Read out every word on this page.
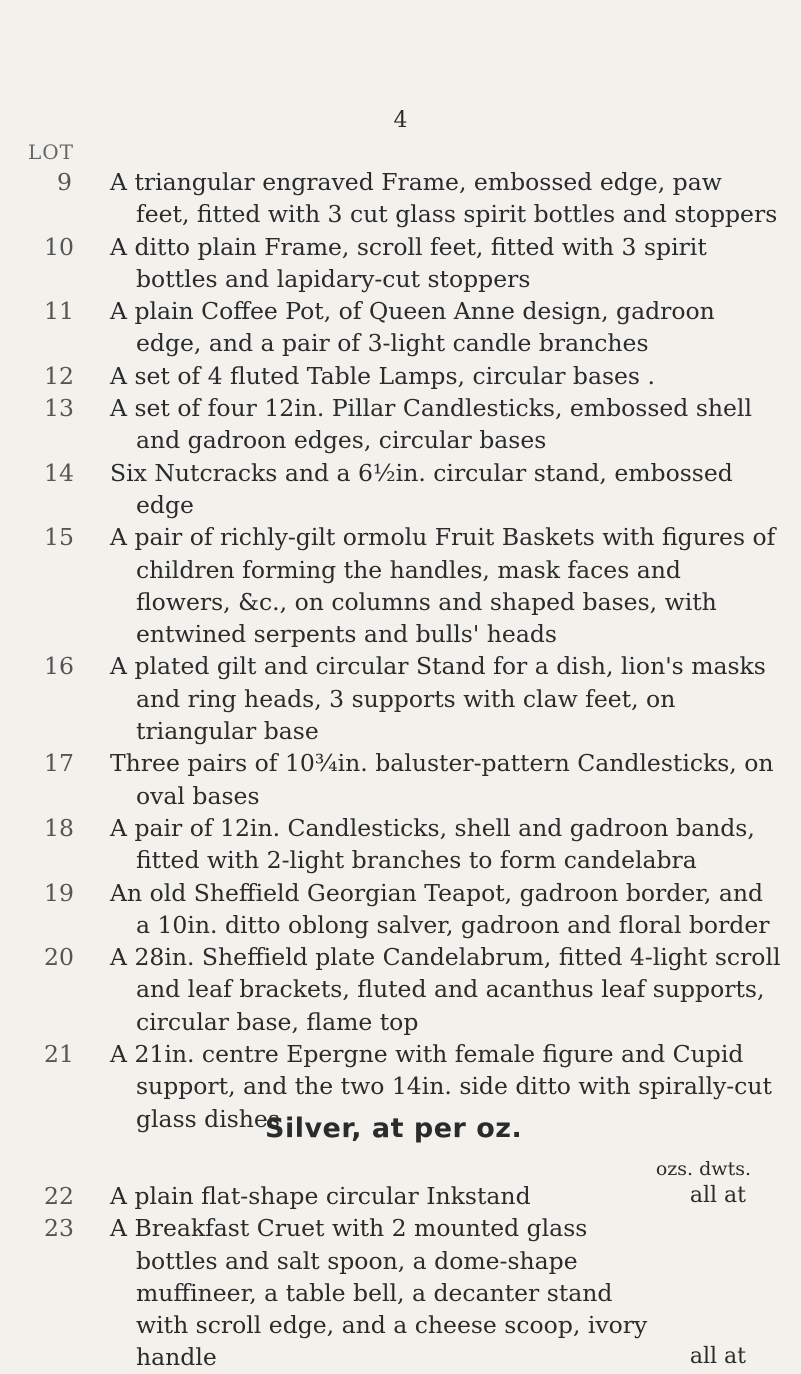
4
LOT
9 A triangular engraved Frame, embossed edge, paw feet, fitted with 3 cut glass spirit bottles and stoppers
10 A ditto plain Frame, scroll feet, fitted with 3 spirit bottles and lapidary-cut stoppers
11 A plain Coffee Pot, of Queen Anne design, gadroon edge, and a pair of 3-light candle branches
12 A set of 4 fluted Table Lamps, circular bases .
13 A set of four 12in. Pillar Candlesticks, embossed shell and gadroon edges, circular bases
14 Six Nutcracks and a 6½in. circular stand, embossed edge
15 A pair of richly-gilt ormolu Fruit Baskets with figures of children forming the handles, mask faces and flowers, &c., on columns and shaped bases, with entwined serpents and bulls' heads
16 A plated gilt and circular Stand for a dish, lion's masks and ring heads, 3 supports with claw feet, on triangular base
17 Three pairs of 10¾in. baluster-pattern Candlesticks, on oval bases
18 A pair of 12in. Candlesticks, shell and gadroon bands, fitted with 2-light branches to form candelabra
19 An old Sheffield Georgian Teapot, gadroon border, and a 10in. ditto oblong salver, gadroon and floral border
20 A 28in. Sheffield plate Candelabrum, fitted 4-light scroll and leaf brackets, fluted and acanthus leaf supports, circular base, flame top
21 A 21in. centre Epergne with female figure and Cupid support, and the two 14in. side ditto with spirally-cut glass dishes
Silver, at per oz.
ozs. dwts.
22 A plain flat-shape circular Inkstand	all at
23 A Breakfast Cruet with 2 mounted glass bottles and salt spoon, a dome-shape muffineer, a table bell, a decanter stand with scroll edge, and a cheese scoop, ivory handle	all at
